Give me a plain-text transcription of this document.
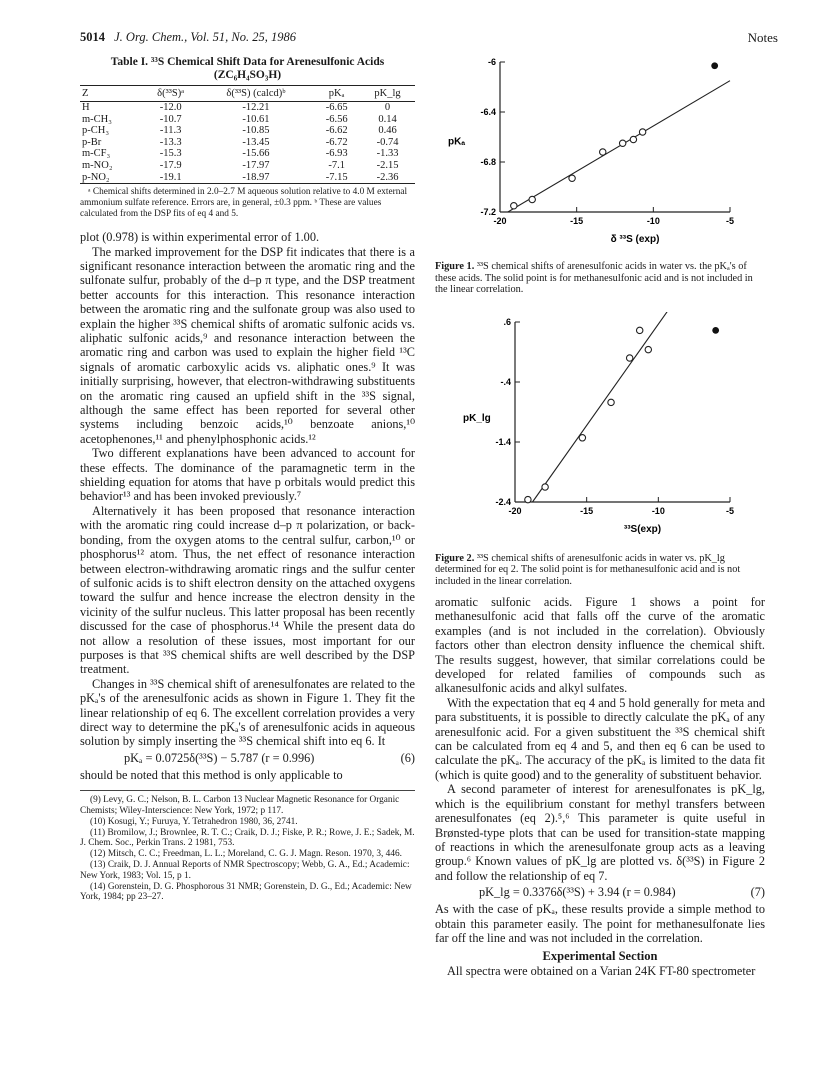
5014 J. Org. Chem., Vol. 51, No. 25, 1986	Notes
Table I. ³³S Chemical Shift Data for Arenesulfonic Acids
(ZC₆H₄SO₃H)
Z	δ(³³S)ᵃ	δ(³³S) (calcd)ᵇ	pKₐ	pK_lg
H	-12.0	-12.21	-6.65	0
m-CH₃	-10.7	-10.61	-6.56	0.14
p-CH₃	-11.3	-10.85	-6.62	0.46
p-Br	-13.3	-13.45	-6.72	-0.74
m-CF₃	-15.3	-15.66	-6.93	-1.33
m-NO₂	-17.9	-17.97	-7.1	-2.15
p-NO₂	-19.1	-18.97	-7.15	-2.36
ᵃ Chemical shifts determined in 2.0–2.7 M aqueous solution relative to 4.0 M external ammonium sulfate reference. Errors are, in general, ±0.3 ppm. ᵇ These are values calculated from the DSP fits of eq 4 and 5.

plot (0.978) is within experimental error of 1.00.

The marked improvement for the DSP fit indicates that there is a significant resonance interaction between the aromatic ring and the sulfonate sulfur, probably of the d–p π type, and the DSP treatment better accounts for this interaction. This resonance interaction between the aromatic ring and the sulfonate group was also used to explain the higher ³³S chemical shifts of aromatic sulfonic acids vs. aliphatic sulfonic acids,⁹ and resonance interaction between the aromatic ring and carbon was used to explain the higher field ¹³C signals of aromatic carboxylic acids vs. aliphatic ones.⁹ It was initially surprising, however, that electron-withdrawing substituents on the aromatic ring caused an upfield shift in the ³³S signal, although the same effect has been reported for several other systems including benzoic acids,¹⁰ benzoate anions,¹⁰ acetophenones,¹¹ and phenylphosphonic acids.¹²

Two different explanations have been advanced to account for these effects. The dominance of the paramagnetic term in the shielding equation for atoms that have p orbitals would predict this behavior¹³ and has been invoked previously.⁷

Alternatively it has been proposed that resonance interaction with the aromatic ring could increase d–p π polarization, or back-bonding, from the oxygen atoms to the central sulfur, carbon,¹⁰ or phosphorus¹² atom. Thus, the net effect of resonance interaction between electron-withdrawing aromatic rings and the sulfur center of sulfonic acids is to shift electron density on the attached oxygens toward the sulfur and hence increase the electron density in the vicinity of the sulfur nucleus. This latter proposal has been recently discussed for the case of phosphorus.¹⁴ While the present data do not allow a resolution of these issues, most important for our purposes is that ³³S chemical shifts are well described by the DSP treatment.

Changes in ³³S chemical shift of arenesulfonates are related to the pKₐ's of the arenesulfonic acids as shown in Figure 1. They fit the linear relationship of eq 6. The excellent correlation provides a very direct way to determine the pKₐ's of arenesulfonic acids in aqueous solution by simply inserting the ³³S chemical shift into eq 6. It

pKₐ = 0.0725δ(³³S) − 5.787 (r = 0.996)	(6)

should be noted that this method is only applicable to

(9) Levy, G. C.; Nelson, B. L. Carbon 13 Nuclear Magnetic Resonance for Organic Chemists; Wiley-Interscience: New York, 1972; p 117.
(10) Kosugi, Y.; Furuya, Y. Tetrahedron 1980, 36, 2741.
(11) Bromilow, J.; Brownlee, R. T. C.; Craik, D. J.; Fiske, P. R.; Rowe, J. E.; Sadek, M. J. Chem. Soc., Perkin Trans. 2 1981, 753.
(12) Mitsch, C. C.; Freedman, L. L.; Moreland, C. G. J. Magn. Reson. 1970, 3, 446.
(13) Craik, D. J. Annual Reports of NMR Spectroscopy; Webb, G. A., Ed.; Academic: New York, 1983; Vol. 15, p 1.
(14) Gorenstein, D. G. Phosphorous 31 NMR; Gorenstein, D. G., Ed.; Academic: New York, 1984; pp 23–27.
-20	-15	-10	-5
-6
-6.4
-6.8
-7.2
pKₐ
δ ³³S (exp)
Figure 1. ³³S chemical shifts of arenesulfonic acids in water vs. the pKₐ's of these acids. The solid point is for methanesulfonic acid and is not included in the linear correlation.
-20	-15	-10	-5
.6
-.4
-1.4
-2.4
pK_lg
³³S(exp)
Figure 2. ³³S chemical shifts of arenesulfonic acids in water vs. pK_lg determined for eq 2. The solid point is for methanesulfonic acid and is not included in the linear correlation.

aromatic sulfonic acids. Figure 1 shows a point for methanesulfonic acid that falls off the curve of the aromatic examples (and is not included in the correlation). Obviously factors other than electron density influence the chemical shift. The results suggest, however, that similar correlations could be developed for related families of compounds such as alkanesulfonic acids and alkyl sulfates.

With the expectation that eq 4 and 5 hold generally for meta and para substituents, it is possible to directly calculate the pKₐ of any arenesulfonic acid. For a given substituent the ³³S chemical shift can be calculated from eq 4 and 5, and then eq 6 can be used to calculate the pKₐ. The accuracy of the pKₐ is limited to the data fit (which is quite good) and to the generality of substituent behavior.

A second parameter of interest for arenesulfonates is pK_lg, which is the equilibrium constant for methyl transfers between arenesulfonates (eq 2).⁵,⁶ This parameter is quite useful in Brønsted-type plots that can be used for transition-state mapping of reactions in which the arenesulfonate group acts as a leaving group.⁶ Known values of pK_lg are plotted vs. δ(³³S) in Figure 2 and follow the relationship of eq 7.

pK_lg = 0.3376δ(³³S) + 3.94 (r = 0.984)	(7)

As with the case of pKₐ, these results provide a simple method to obtain this parameter easily. The point for methanesulfonate lies far off the line and was not included in the correlation.

Experimental Section

All spectra were obtained on a Varian 24K FT-80 spectrometer
